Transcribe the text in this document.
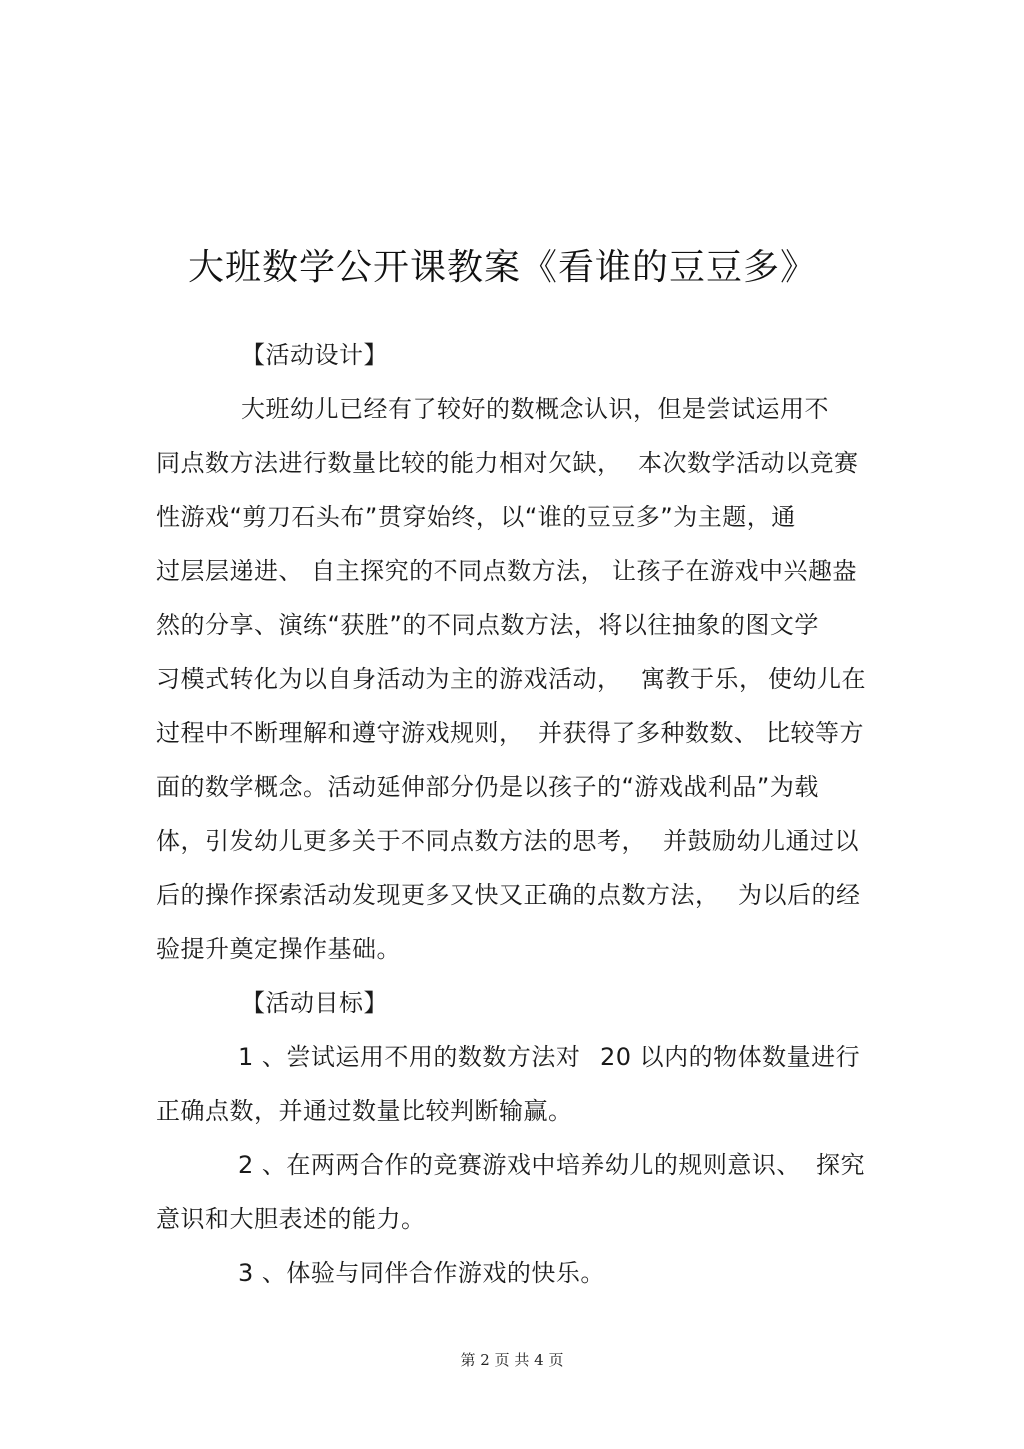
大班数学公开课教案《看谁的豆豆多》
【活动设计】
大班幼儿已经有了较好的数概念认识，但是尝试运用不
同点数方法进行数量比较的能力相对欠缺， 本次数学活动以竞赛
性游戏“剪刀石头布”贯穿始终，以“谁的豆豆多”为主题，通
过层层递进、 自主探究的不同点数方法， 让孩子在游戏中兴趣盎
然的分享、演练“获胜”的不同点数方法，将以往抽象的图文学
习模式转化为以自身活动为主的游戏活动， 寓教于乐， 使幼儿在
过程中不断理解和遵守游戏规则， 并获得了多种数数、 比较等方
面的数学概念。活动延伸部分仍是以孩子的“游戏战利品”为载
体，引发幼儿更多关于不同点数方法的思考， 并鼓励幼儿通过以
后的操作探索活动发现更多又快又正确的点数方法， 为以后的经
验提升奠定操作基础。
【活动目标】
1 、尝试运用不用的数数方法对 20 以内的物体数量进行
正确点数，并通过数量比较判断输赢。
2 、在两两合作的竞赛游戏中培养幼儿的规则意识、 探究
意识和大胆表述的能力。
3 、体验与同伴合作游戏的快乐。
第 2 页 共 4 页
